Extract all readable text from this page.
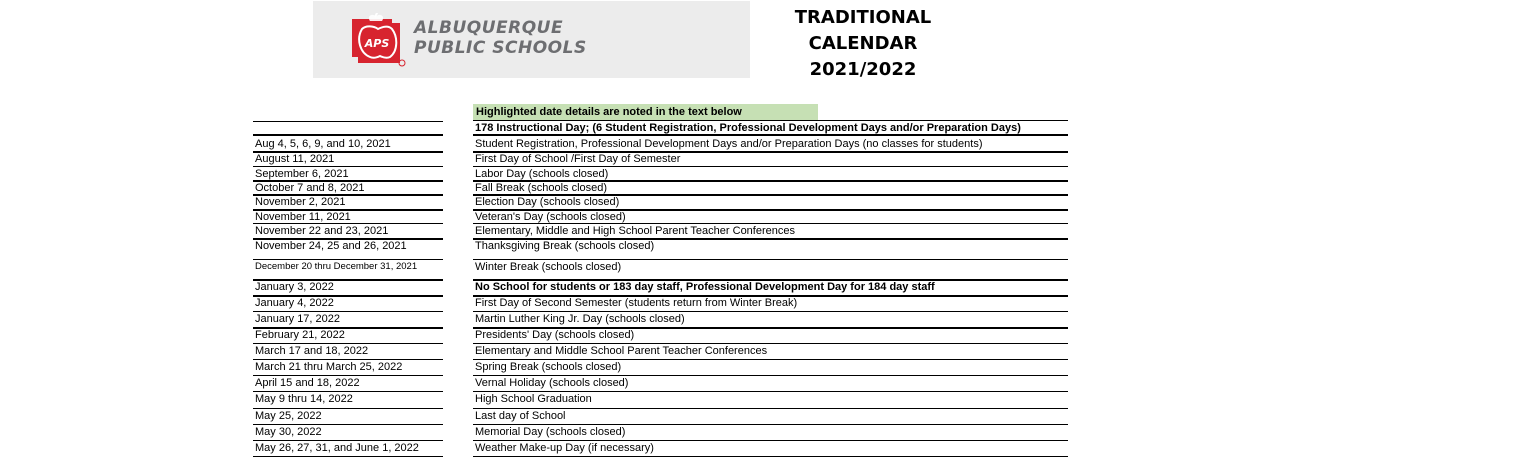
APS
ALBUQUERQUE
PUBLIC SCHOOLS
TRADITIONAL
CALENDAR
2021/2022
Highlighted date details are noted in the text below
178 Instructional Day; (6 Student Registration, Professional Development Days and/or Preparation Days)
Aug 4, 5, 6, 9, and 10, 2021	Student Registration, Professional Development Days and/or Preparation Days (no classes for students)
August 11, 2021	First Day of School /First Day of Semester
September 6, 2021	Labor Day (schools closed)
October 7 and 8, 2021	Fall Break (schools closed)
November 2, 2021	Election Day (schools closed)
November 11, 2021	Veteran's Day (schools closed)
November 22 and 23, 2021	Elementary, Middle and High School Parent Teacher Conferences
November 24, 25 and 26, 2021	Thanksgiving Break (schools closed)
December 20 thru December 31, 2021	Winter Break (schools closed)
January 3, 2022	No School for students or 183 day staff, Professional Development Day for 184 day staff
January 4, 2022	First Day of Second Semester (students return from Winter Break)
January 17, 2022	Martin Luther King Jr. Day (schools closed)
February 21, 2022	Presidents' Day (schools closed)
March 17 and 18, 2022	Elementary and Middle School Parent Teacher Conferences
March 21 thru March 25, 2022	Spring Break (schools closed)
April 15 and 18, 2022	Vernal Holiday (schools closed)
May 9 thru 14, 2022	High School Graduation
May 25, 2022	Last day of School
May 30, 2022	Memorial Day (schools closed)
May 26, 27, 31, and June 1, 2022	Weather Make-up Day (if necessary)
